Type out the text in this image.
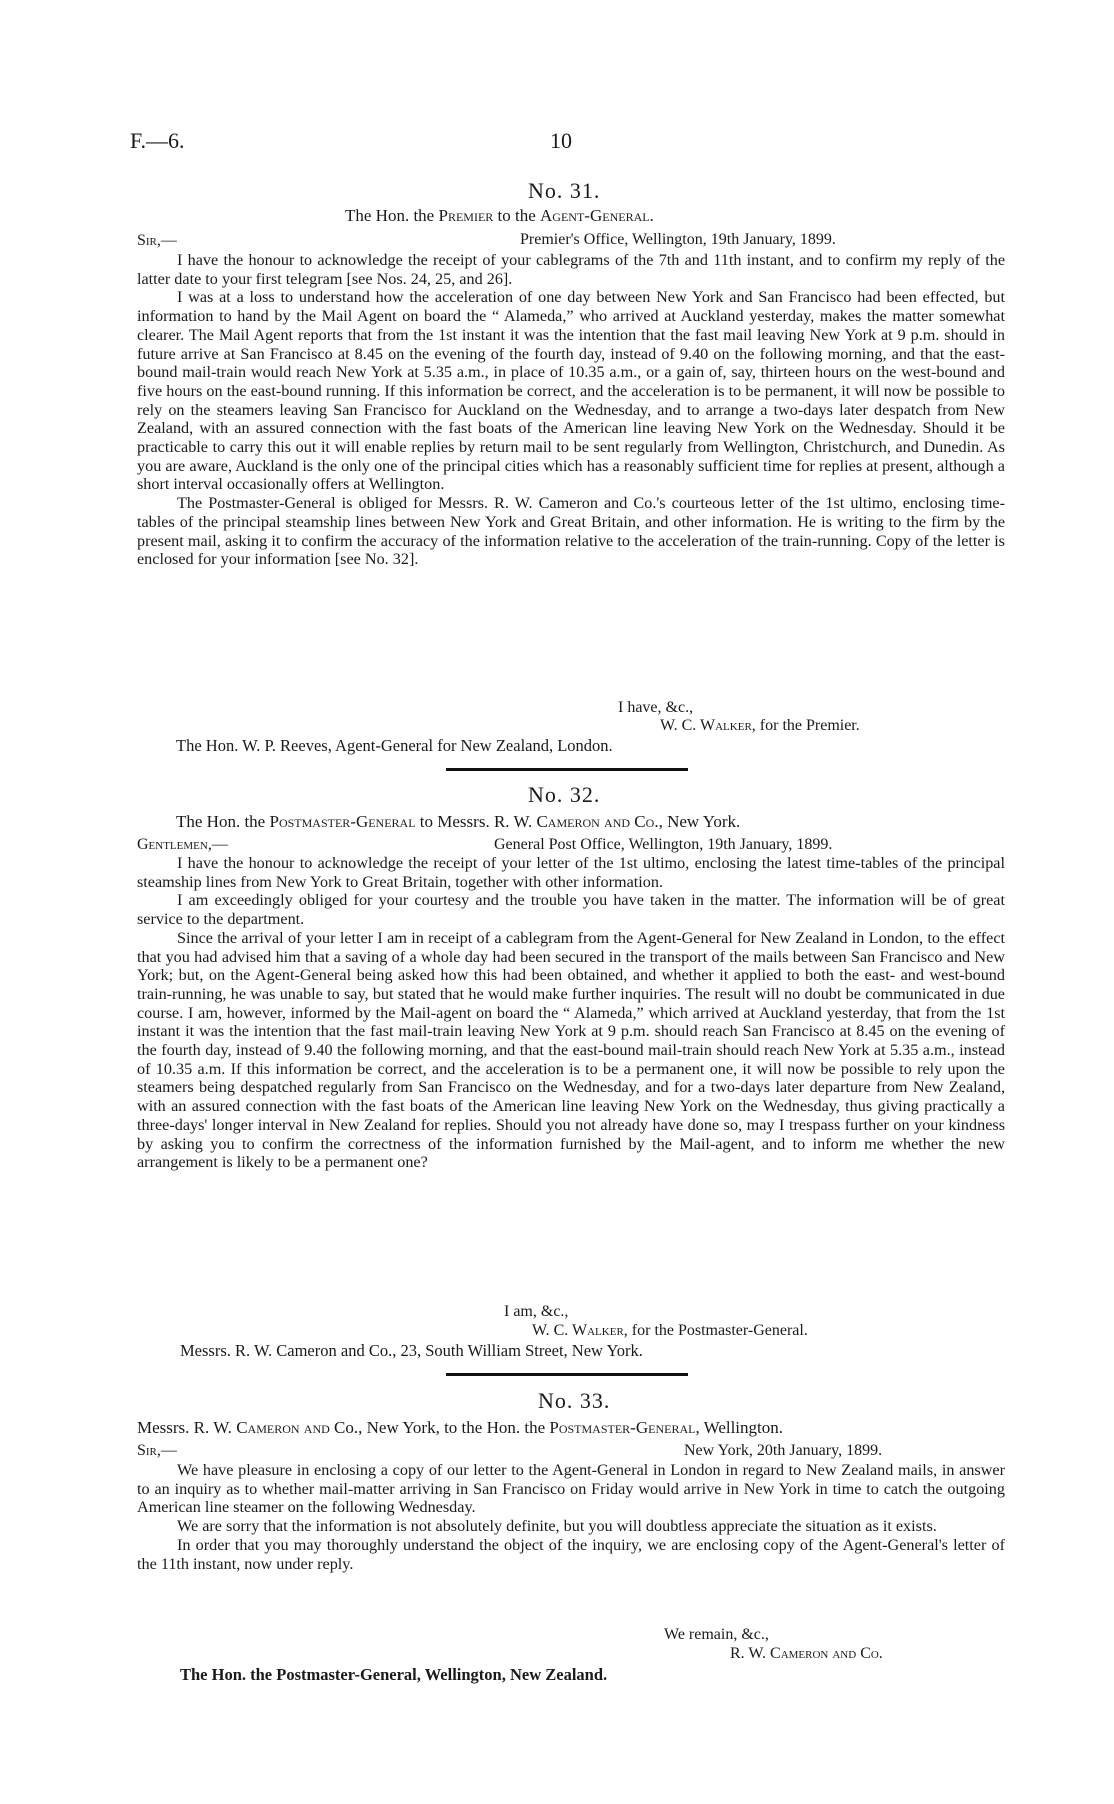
F.—6.	10
No. 31.
The Hon. the Premier to the Agent-General.
Sir,—	Premier's Office, Wellington, 19th January, 1899.

I have the honour to acknowledge the receipt of your cablegrams of the 7th and 11th instant, and to confirm my reply of the latter date to your first telegram [see Nos. 24, 25, and 26].

I was at a loss to understand how the acceleration of one day between New York and San Francisco had been effected, but information to hand by the Mail Agent on board the “ Alameda,” who arrived at Auckland yesterday, makes the matter somewhat clearer. The Mail Agent reports that from the 1st instant it was the intention that the fast mail leaving New York at 9 p.m. should in future arrive at San Francisco at 8.45 on the evening of the fourth day, instead of 9.40 on the following morning, and that the east-bound mail-train would reach New York at 5.35 a.m., in place of 10.35 a.m., or a gain of, say, thirteen hours on the west-bound and five hours on the east-bound running. If this information be correct, and the acceleration is to be permanent, it will now be possible to rely on the steamers leaving San Francisco for Auckland on the Wednesday, and to arrange a two-days later despatch from New Zealand, with an assured connection with the fast boats of the American line leaving New York on the Wednesday. Should it be practicable to carry this out it will enable replies by return mail to be sent regularly from Wellington, Christchurch, and Dunedin. As you are aware, Auckland is the only one of the principal cities which has a reasonably sufficient time for replies at present, although a short interval occasionally offers at Wellington.

The Postmaster-General is obliged for Messrs. R. W. Cameron and Co.'s courteous letter of the 1st ultimo, enclosing time-tables of the principal steamship lines between New York and Great Britain, and other information. He is writing to the firm by the present mail, asking it to confirm the accuracy of the information relative to the acceleration of the train-running. Copy of the letter is enclosed for your information [see No. 32].

I have, &c.,
W. C. Walker, for the Premier.
The Hon. W. P. Reeves, Agent-General for New Zealand, London.
No. 32.
The Hon. the Postmaster-General to Messrs. R. W. Cameron and Co., New York.
Gentlemen,—	General Post Office, Wellington, 19th January, 1899.

I have the honour to acknowledge the receipt of your letter of the 1st ultimo, enclosing the latest time-tables of the principal steamship lines from New York to Great Britain, together with other information.

I am exceedingly obliged for your courtesy and the trouble you have taken in the matter. The information will be of great service to the department.

Since the arrival of your letter I am in receipt of a cablegram from the Agent-General for New Zealand in London, to the effect that you had advised him that a saving of a whole day had been secured in the transport of the mails between San Francisco and New York; but, on the Agent-General being asked how this had been obtained, and whether it applied to both the east- and west-bound train-running, he was unable to say, but stated that he would make further inquiries. The result will no doubt be communicated in due course. I am, however, informed by the Mail-agent on board the “ Alameda,” which arrived at Auckland yesterday, that from the 1st instant it was the intention that the fast mail-train leaving New York at 9 p.m. should reach San Francisco at 8.45 on the evening of the fourth day, instead of 9.40 the following morning, and that the east-bound mail-train should reach New York at 5.35 a.m., instead of 10.35 a.m. If this information be correct, and the acceleration is to be a permanent one, it will now be possible to rely upon the steamers being despatched regularly from San Francisco on the Wednesday, and for a two-days later departure from New Zealand, with an assured connection with the fast boats of the American line leaving New York on the Wednesday, thus giving practically a three-days' longer interval in New Zealand for replies. Should you not already have done so, may I trespass further on your kindness by asking you to confirm the correctness of the information furnished by the Mail-agent, and to inform me whether the new arrangement is likely to be a permanent one?

I am, &c.,
W. C. Walker, for the Postmaster-General.
Messrs. R. W. Cameron and Co., 23, South William Street, New York.
No. 33.
Messrs. R. W. Cameron and Co., New York, to the Hon. the Postmaster-General, Wellington.
Sir,—	New York, 20th January, 1899.

We have pleasure in enclosing a copy of our letter to the Agent-General in London in regard to New Zealand mails, in answer to an inquiry as to whether mail-matter arriving in San Francisco on Friday would arrive in New York in time to catch the outgoing American line steamer on the following Wednesday.

We are sorry that the information is not absolutely definite, but you will doubtless appreciate the situation as it exists.

In order that you may thoroughly understand the object of the inquiry, we are enclosing copy of the Agent-General's letter of the 11th instant, now under reply.

We remain, &c.,
R. W. Cameron and Co.
The Hon. the Postmaster-General, Wellington, New Zealand.
